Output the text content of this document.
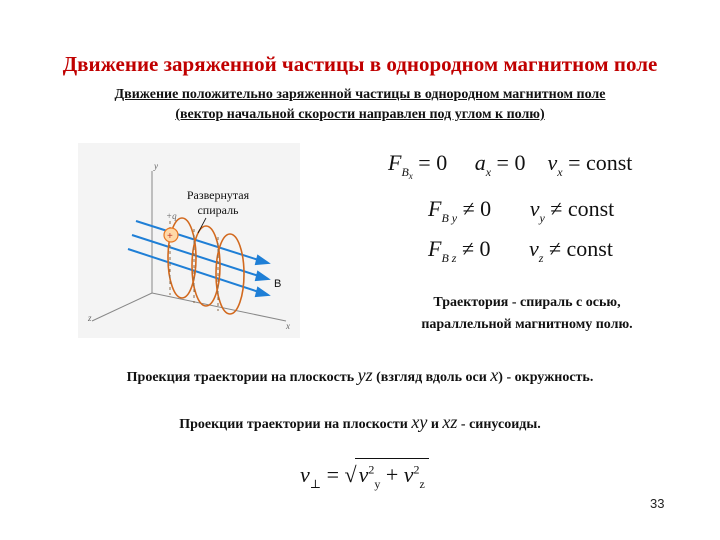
Движение заряженной частицы в однородном магнитном поле
Движение положительно заряженной частицы в однородном магнитном поле
(вектор начальной скорости направлен под углом к полю)
y
z
x
+
+q
Развернутая
спираль
B
$F_{B_x} = 0$ $a_x = 0$ $v_x$ = const
$F_{B y} \ne 0$ $v_y$ ≠ const
$F_{B z} \ne 0$ $v_z$ ≠ const
Траектория - спираль с осью,
параллельной магнитному полю.
Проекция траектории на плоскость yz (взгляд вдоль оси x) - окружность.
Проекции траектории на плоскости xy и xz - синусоиды.
$v_\perp = √v^2_y + v^2_z$
33
